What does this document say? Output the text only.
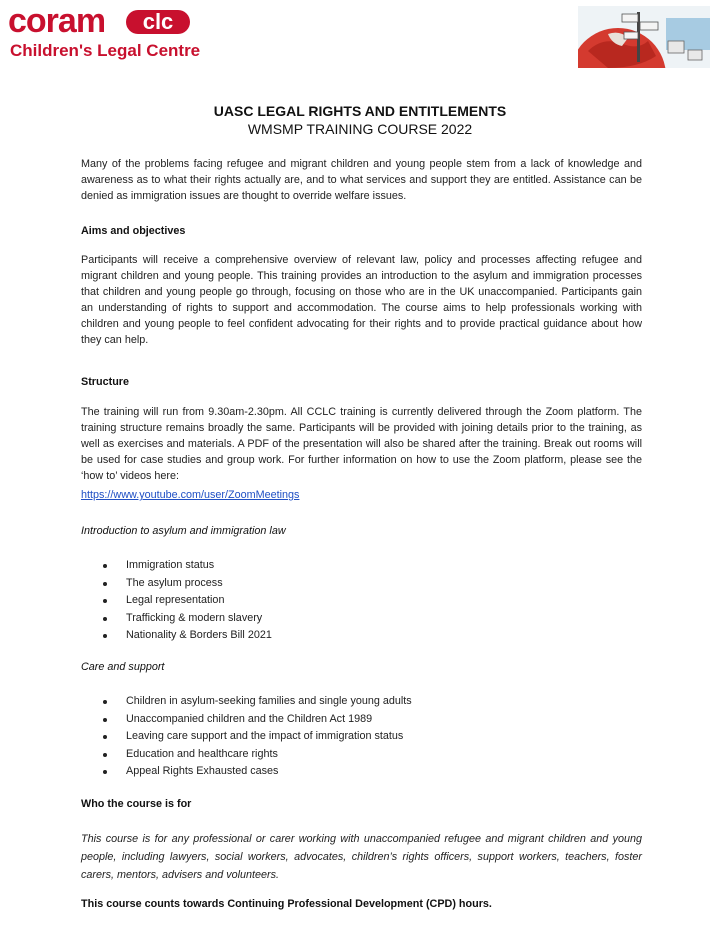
coram	clc
Children's Legal Centre
UASC LEGAL RIGHTS AND ENTITLEMENTS
WMSMP TRAINING COURSE 2022
Many of the problems facing refugee and migrant children and young people stem from a lack of knowledge and awareness as to what their rights actually are, and to what services and support they are entitled. Assistance can be denied as immigration issues are thought to override welfare issues.
Aims and objectives
Participants will receive a comprehensive overview of relevant law, policy and processes affecting refugee and migrant children and young people. This training provides an introduction to the asylum and immigration processes that children and young people go through, focusing on those who are in the UK unaccompanied. Participants gain an understanding of rights to support and accommodation. The course aims to help professionals working with children and young people to feel confident advocating for their rights and to provide practical guidance about how they can help.
Structure
The training will run from 9.30am-2.30pm. All CCLC training is currently delivered through the Zoom platform. The training structure remains broadly the same. Participants will be provided with joining details prior to the training, as well as exercises and materials. A PDF of the presentation will also be shared after the training. Break out rooms will be used for case studies and group work. For further information on how to use the Zoom platform, please see the ‘how to’ videos here:
https://www.youtube.com/user/ZoomMeetings
Introduction to asylum and immigration law
Immigration status
The asylum process
Legal representation
Trafficking & modern slavery
Nationality & Borders Bill 2021
Care and support
Children in asylum-seeking families and single young adults
Unaccompanied children and the Children Act 1989
Leaving care support and the impact of immigration status
Education and healthcare rights
Appeal Rights Exhausted cases
Who the course is for
This course is for any professional or carer working with unaccompanied refugee and migrant children and young people, including lawyers, social workers, advocates, children’s rights officers, support workers, teachers, foster carers, mentors, advisers and volunteers.
This course counts towards Continuing Professional Development (CPD) hours.
